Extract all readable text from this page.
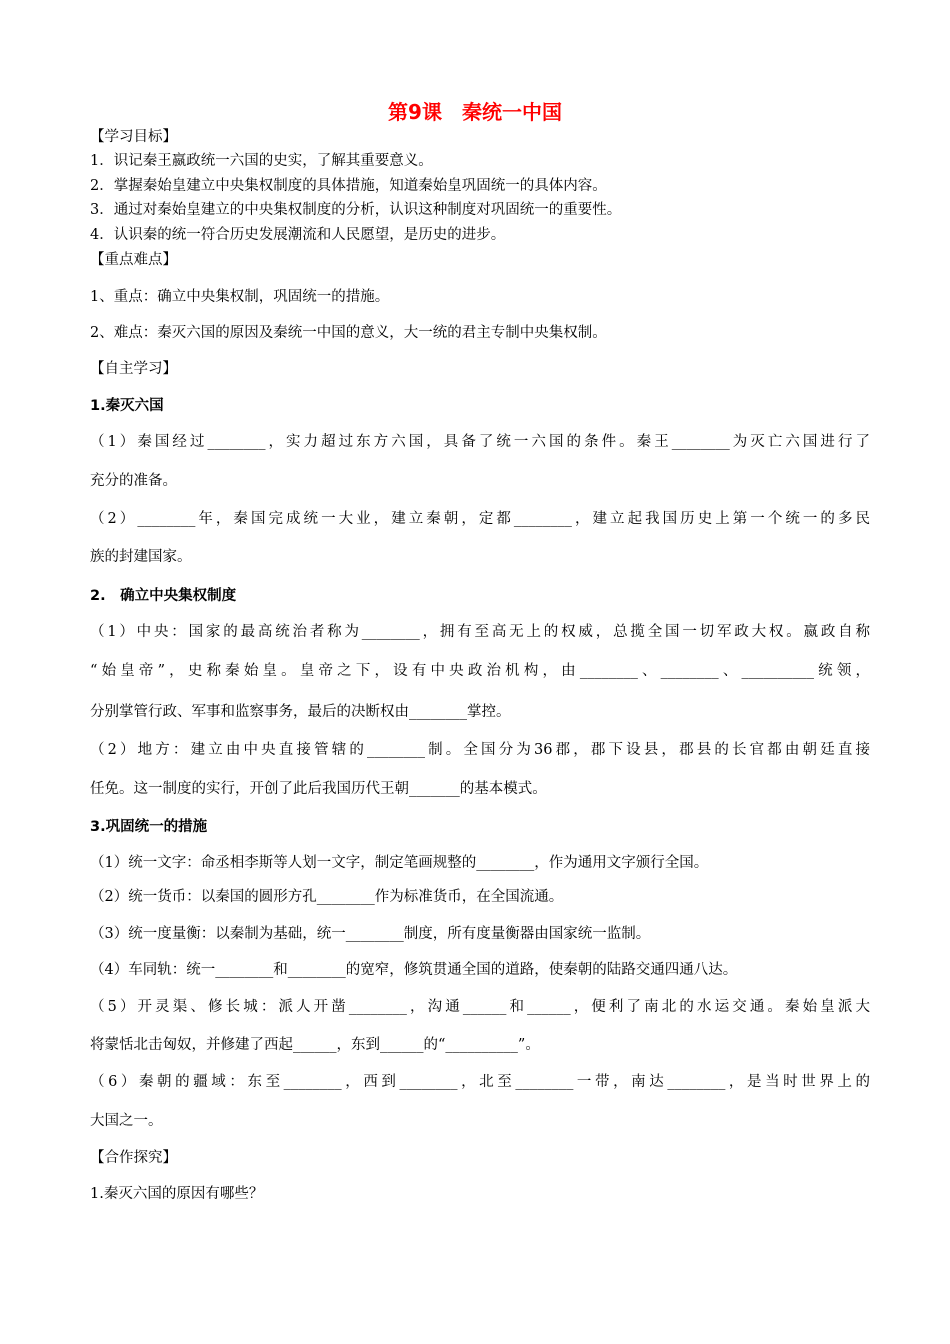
第9课　秦统一中国
【学习目标】
1．识记秦王嬴政统一六国的史实，了解其重要意义。
2．掌握秦始皇建立中央集权制度的具体措施，知道秦始皇巩固统一的具体内容。
3．通过对秦始皇建立的中央集权制度的分析，认识这种制度对巩固统一的重要性。
4．认识秦的统一符合历史发展潮流和人民愿望，是历史的进步。
【重点难点】
1、重点：确立中央集权制，巩固统一的措施。
2、难点：秦灭六国的原因及秦统一中国的意义，大一统的君主专制中央集权制。
【自主学习】
1.秦灭六国
（1）秦国经过________，实力超过东方六国，具备了统一六国的条件。秦王________为灭亡六国进行了
充分的准备。
（2）________年，秦国完成统一大业，建立秦朝，定都________，建立起我国历史上第一个统一的多民
族的封建国家。
2.　确立中央集权制度
（1）中央：国家的最高统治者称为________，拥有至高无上的权威，总揽全国一切军政大权。嬴政自称
“始皇帝”，史称秦始皇。皇帝之下，设有中央政治机构，由________、________、__________统领，
分别掌管行政、军事和监察事务，最后的决断权由________掌控。
（2）地方：建立由中央直接管辖的________制。全国分为36郡，郡下设县，郡县的长官都由朝廷直接
任免。这一制度的实行，开创了此后我国历代王朝_______的基本模式。
3.巩固统一的措施
（1）统一文字：命丞相李斯等人划一文字，制定笔画规整的________，作为通用文字颁行全国。
（2）统一货币：以秦国的圆形方孔________作为标准货币，在全国流通。
（3）统一度量衡：以秦制为基础，统一________制度，所有度量衡器由国家统一监制。
（4）车同轨：统一________和________的宽窄，修筑贯通全国的道路，使秦朝的陆路交通四通八达。
（5）开灵渠、修长城：派人开凿________，沟通______和______，便利了南北的水运交通。秦始皇派大
将蒙恬北击匈奴，并修建了西起______，东到______的“__________”。
（6）秦朝的疆域：东至________，西到________，北至________一带，南达________，是当时世界上的
大国之一。
【合作探究】
1.秦灭六国的原因有哪些？
